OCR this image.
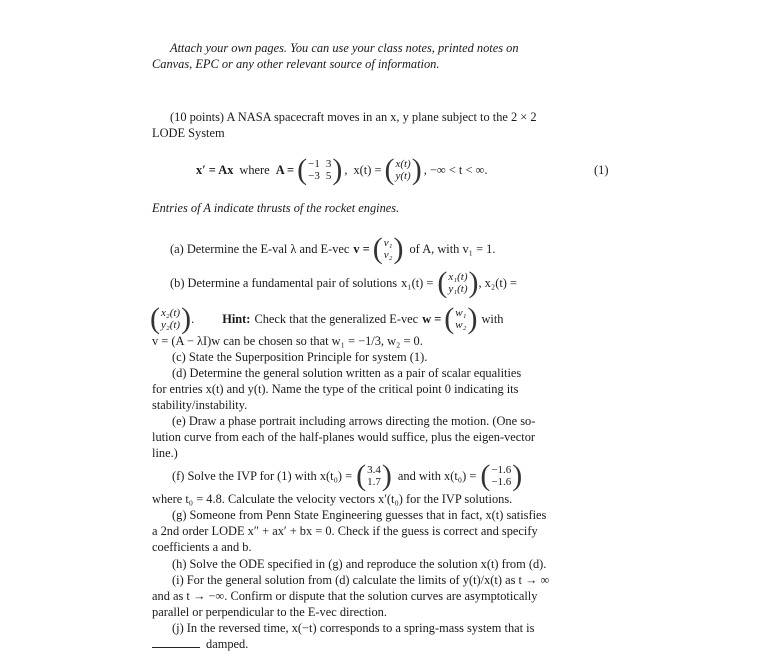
Attach your own pages. You can use your class notes, printed notes on
Canvas, EPC or any other relevant source of information.
(10 points) A NASA spacecraft moves in an x, y plane subject to the 2 × 2
LODE System
x′ = Ax where A = ( −1 3
−3 5 ) , x(t) = ( x(t)
y(t) ) , −∞ < t < ∞.	(1)
Entries of A indicate thrusts of the rocket engines.
(a) Determine the E-val λ and E-vec v = ( v₁
v₂ ) of A, with v₁ = 1.
(b) Determine a fundamental pair of solutions x₁(t) = ( x₁(t)
y₁(t) ) , x₂(t) =
( x₂(t)
y₂(t) ) . Hint: Check that the generalized E-vec w = ( w₁
w₂ ) with
v = (A − λI)w can be chosen so that w₁ = −1/3, w₂ = 0.
(c) State the Superposition Principle for system (1).
(d) Determine the general solution written as a pair of scalar equalities
for entries x(t) and y(t). Name the type of the critical point 0 indicating its
stability/instability.
(e) Draw a phase portrait including arrows directing the motion. (One so-
lution curve from each of the half-planes would suffice, plus the eigen-vector
line.)
(f) Solve the IVP for (1) with x(t₀) = ( 3.4
1.7 ) and with x(t₀) = ( −1.6
−1.6 )
where t₀ = 4.8. Calculate the velocity vectors x′(t₀) for the IVP solutions.
(g) Someone from Penn State Engineering guesses that in fact, x(t) satisfies
a 2nd order LODE x″ + ax′ + bx = 0. Check if the guess is correct and specify
coefficients a and b.
(h) Solve the ODE specified in (g) and reproduce the solution x(t) from (d).
(i) For the general solution from (d) calculate the limits of y(t)/x(t) as t → ∞
and as t → −∞. Confirm or dispute that the solution curves are asymptotically
parallel or perpendicular to the E-vec direction.
(j) In the reversed time, x(−t) corresponds to a spring-mass system that is
damped.
